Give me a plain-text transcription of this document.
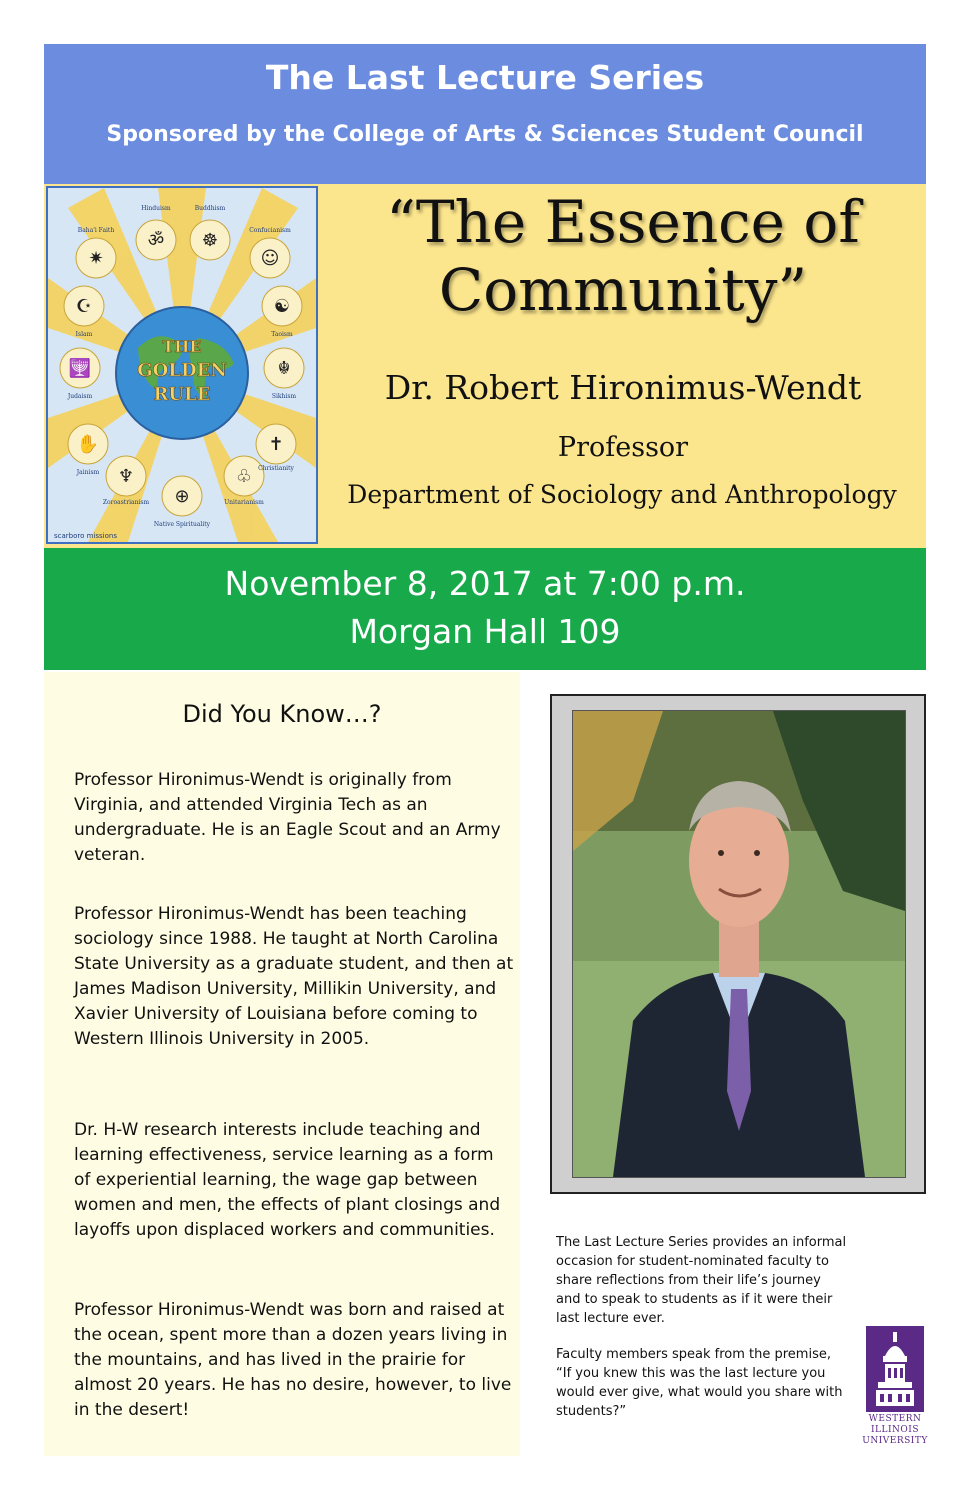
The Last Lecture Series
Sponsored by the College of Arts & Sciences Student Council
THE
GOLDEN
RULE
✷
ॐ ☸
☺
☯
☬
✝
♧
⊕
♆
✋
🕎
☪
Baha'i Faith
Hinduism	Buddhism
Confucianism
Taoism
Sikhism
Christianity
Unitarianism
Native Spirituality
Zoroastrianism
Jainism
Judaism
Islam
scarboro missions
“The Essence of
Community”
Dr. Robert Hironimus-Wendt
Professor
Department of Sociology and Anthropology
November 8, 2017 at 7:00 p.m.
Morgan Hall 109
Did You Know…?

Professor Hironimus-Wendt is originally from Virginia, and attended Virginia Tech as an undergraduate. He is an Eagle Scout and an Army veteran.

Professor Hironimus-Wendt has been teaching sociology since 1988. He taught at North Carolina State University as a graduate student, and then at James Madison University, Millikin University, and Xavier University of Louisiana before coming to Western Illinois University in 2005.

Dr. H-W research interests include teaching and learning effectiveness, service learning as a form of experiential learning, the wage gap between women and men, the effects of plant closings and layoffs upon displaced workers and communities.

Professor Hironimus-Wendt was born and raised at the ocean, spent more than a dozen years living in the mountains, and has lived in the prairie for almost 20 years. He has no desire, however, to live in the desert!

The Last Lecture Series provides an informal occasion for student-nominated faculty to share reflections from their life’s journey and to speak to students as if it were their last lecture ever.

Faculty members speak from the premise, “If you knew this was the last lecture you would ever give, what would you share with students?”	WESTERN
ILLINOIS
UNIVERSITY
